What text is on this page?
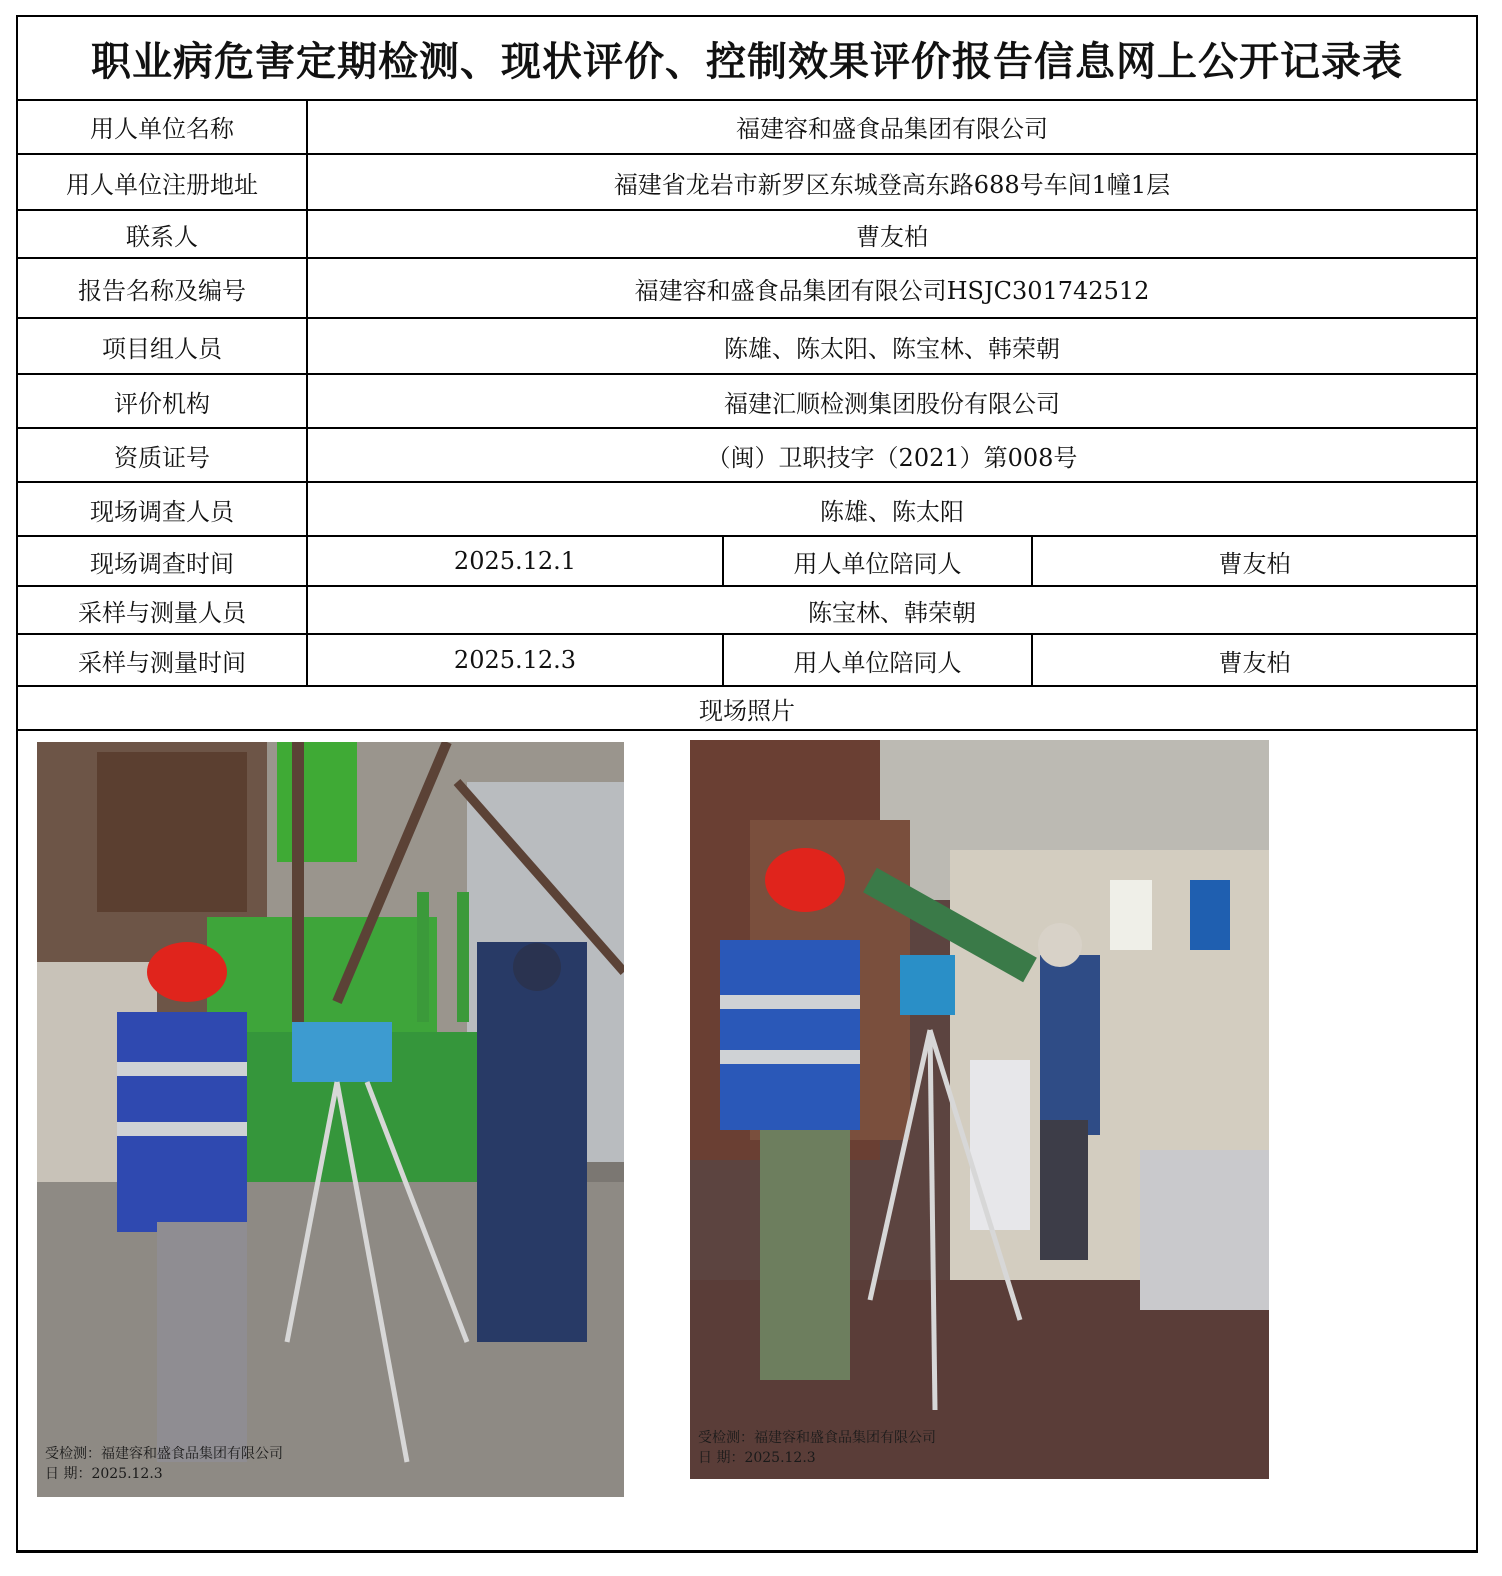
职业病危害定期检测、现状评价、控制效果评价报告信息网上公开记录表
用人单位名称	福建容和盛食品集团有限公司
用人单位注册地址	福建省龙岩市新罗区东城登高东路688号车间1幢1层
联系人	曹友柏
报告名称及编号	福建容和盛食品集团有限公司HSJC301742512
项目组人员	陈雄、陈太阳、陈宝林、韩荣朝
评价机构	福建汇顺检测集团股份有限公司
资质证号	（闽）卫职技字（2021）第008号
现场调查人员	陈雄、陈太阳
现场调查时间	2025.12.1	用人单位陪同人	曹友柏
采样与测量人员	陈宝林、韩荣朝
采样与测量时间	2025.12.3	用人单位陪同人	曹友柏
现场照片
受检测：福建容和盛食品集团有限公司
日 期：2025.12.3
受检测：福建容和盛食品集团有限公司
日 期：2025.12.3
